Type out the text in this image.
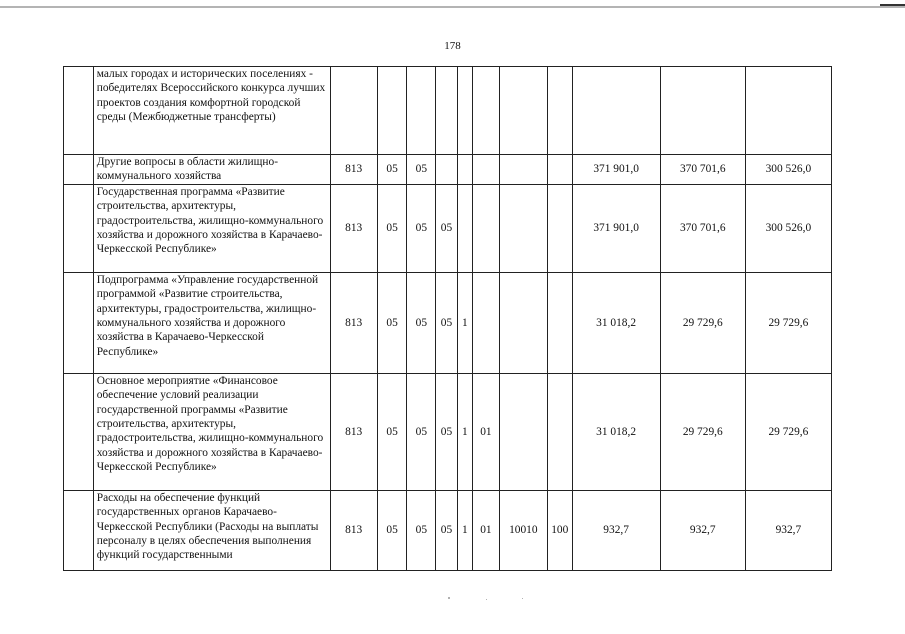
178
	малых городах и исторических поселениях - победителях Всероссийского конкурса лучших проектов создания комфортной городской среды (Межбюджетные трансферты)											
	Другие вопросы в области жилищно-коммунального хозяйства	813	05	05						371 901,0	370 701,6	300 526,0
	Государственная программа «Развитие строительства, архитектуры, градостроительства, жилищно-коммунального хозяйства и дорожного хозяйства в Карачаево-Черкесской Республике»	813	05	05	05					371 901,0	370 701,6	300 526,0
	Подпрограмма «Управление государственной программой «Развитие строительства, архитектуры, градостроительства, жилищно-коммунального хозяйства и дорожного хозяйства в Карачаево-Черкесской Республике»	813	05	05	05	1				31 018,2	29 729,6	29 729,6
	Основное мероприятие «Финансовое обеспечение условий реализации государственной программы «Развитие строительства, архитектуры, градостроительства, жилищно-коммунального хозяйства и дорожного хозяйства в Карачаево-Черкесской Республике»	813	05	05	05	1	01			31 018,2	29 729,6	29 729,6
	Расходы на обеспечение функций государственных органов Карачаево-Черкесской Республики (Расходы на выплаты персоналу в целях обеспечения выполнения функций государственными	813	05	05	05	1	01	10010	100	932,7	932,7	932,7
